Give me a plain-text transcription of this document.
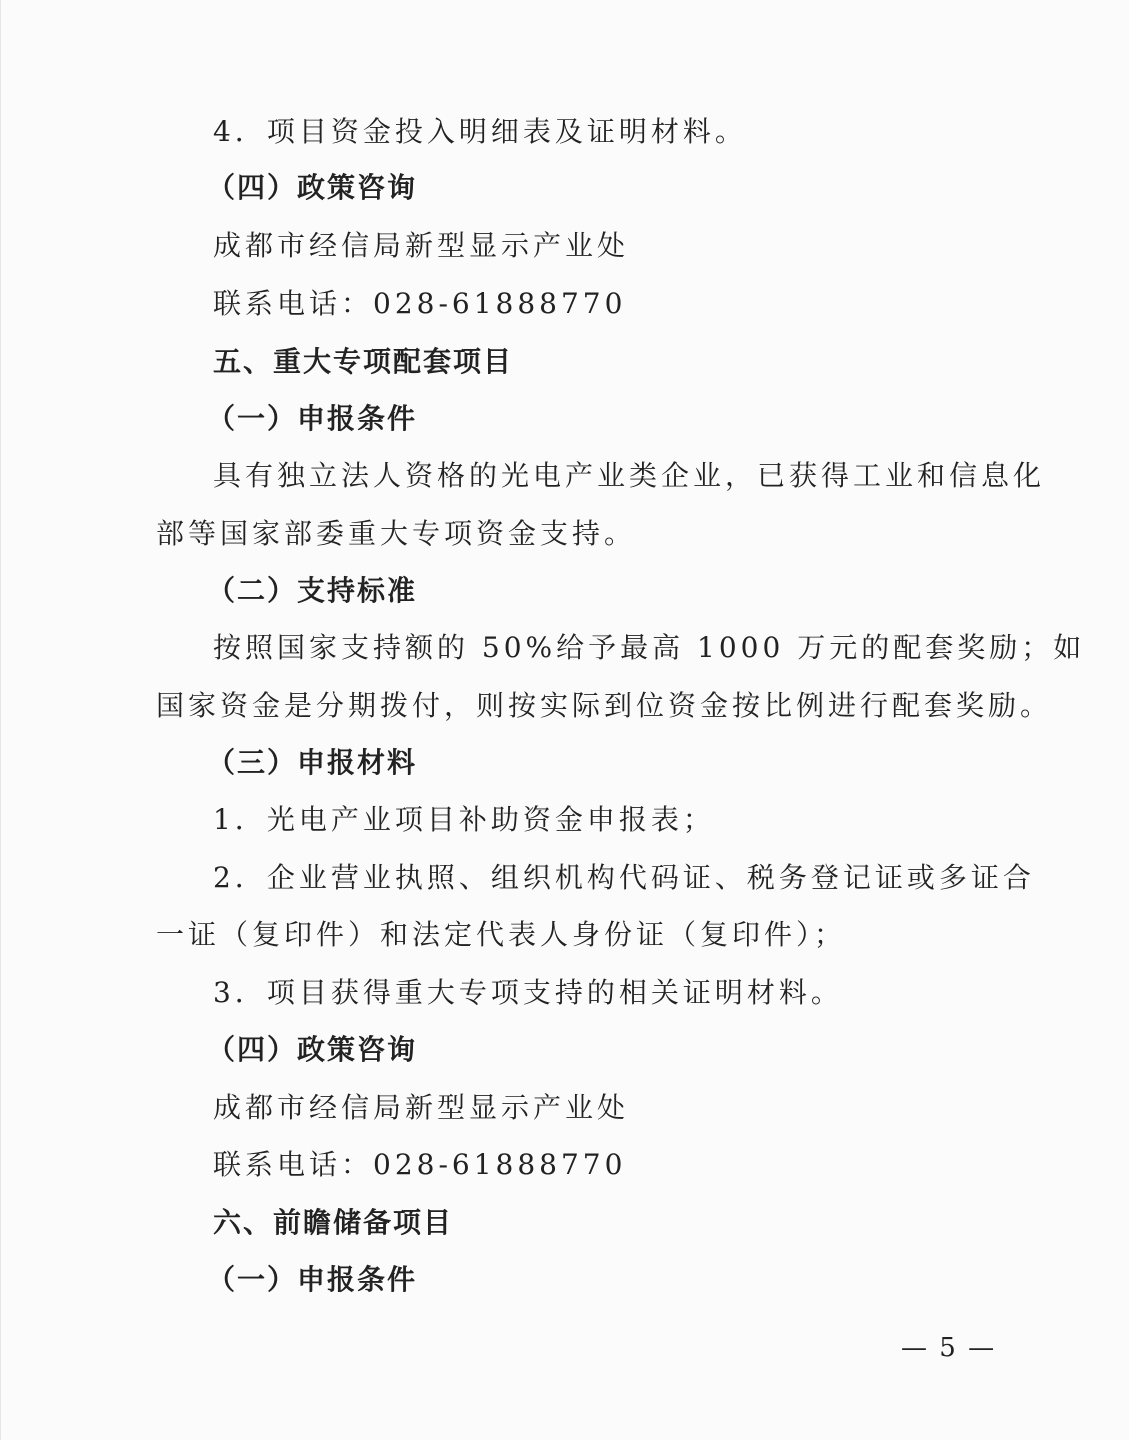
4．项目资金投入明细表及证明材料。
（四）政策咨询
成都市经信局新型显示产业处
联系电话：028-61888770
五、重大专项配套项目
（一）申报条件
具有独立法人资格的光电产业类企业，已获得工业和信息化
部等国家部委重大专项资金支持。
（二）支持标准
按照国家支持额的 50%给予最高 1000 万元的配套奖励；如
国家资金是分期拨付，则按实际到位资金按比例进行配套奖励。
（三）申报材料
1．光电产业项目补助资金申报表；
2．企业营业执照、组织机构代码证、税务登记证或多证合
一证（复印件）和法定代表人身份证（复印件）；
3．项目获得重大专项支持的相关证明材料。
（四）政策咨询
成都市经信局新型显示产业处
联系电话：028-61888770
六、前瞻储备项目
（一）申报条件
— 5 —
